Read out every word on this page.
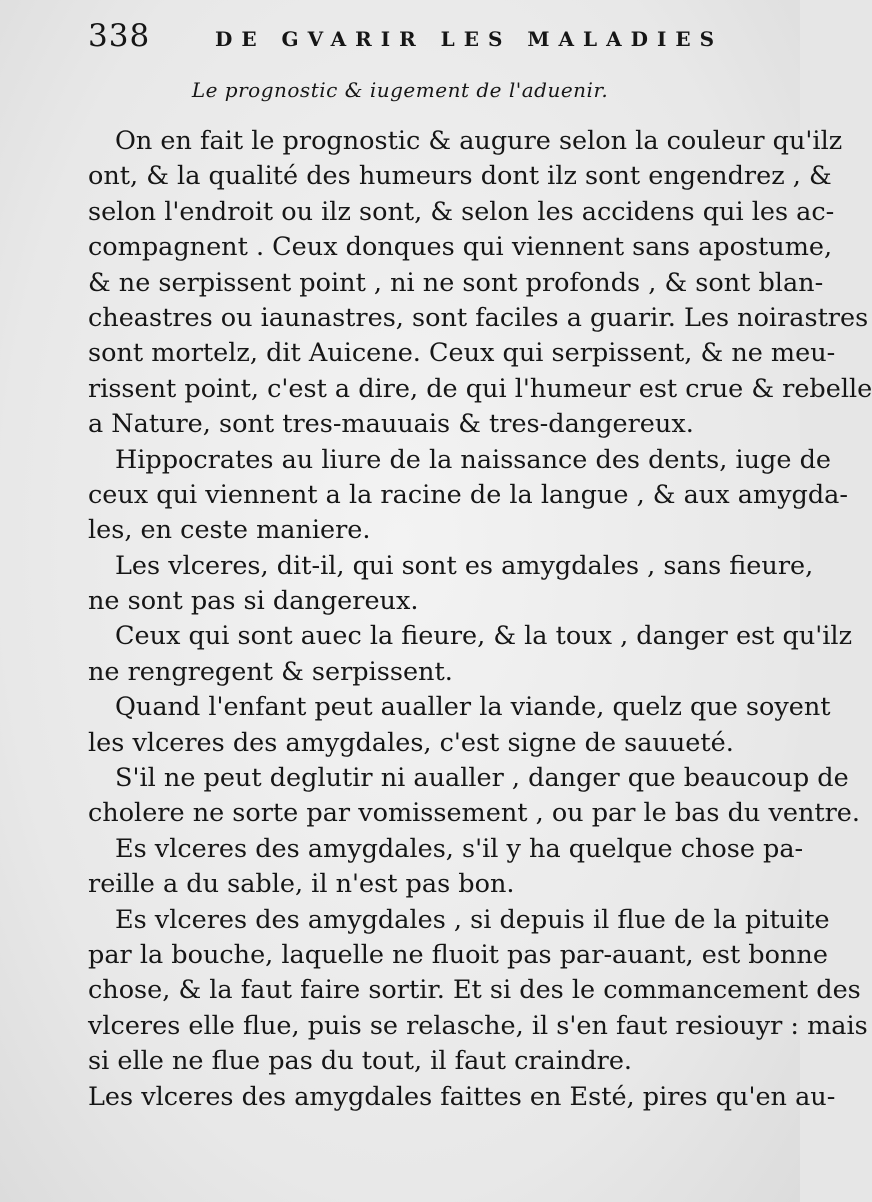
338	DE GVARIR LES MALADIES
Le prognostic & iugement de l'aduenir.
On en fait le prognostic & augure selon la couleur qu'ilz
ont, & la qualité des humeurs dont ilz sont engendrez , &
selon l'endroit ou ilz sont, & selon les accidens qui les ac-
compagnent . Ceux donques qui viennent sans apostume,
& ne serpissent point , ni ne sont profonds , & sont blan-
cheastres ou iaunastres, sont faciles a guarir. Les noirastres
sont mortelz, dit Auicene. Ceux qui serpissent, & ne meu-
rissent point, c'est a dire, de qui l'humeur est crue & rebelle
a Nature, sont tres-mauuais & tres-dangereux.
Hippocrates au liure de la naissance des dents, iuge de
ceux qui viennent a la racine de la langue , & aux amygda-
les, en ceste maniere.
Les vlceres, dit-il, qui sont es amygdales , sans fieure,
ne sont pas si dangereux.
Ceux qui sont auec la fieure, & la toux , danger est qu'ilz
ne rengregent & serpissent.
Quand l'enfant peut aualler la viande, quelz que soyent
les vlceres des amygdales, c'est signe de sauueté.
S'il ne peut deglutir ni aualler , danger que beaucoup de
cholere ne sorte par vomissement , ou par le bas du ventre.
Es vlceres des amygdales, s'il y ha quelque chose pa-
reille a du sable, il n'est pas bon.
Es vlceres des amygdales , si depuis il flue de la pituite
par la bouche, laquelle ne fluoit pas par-auant, est bonne
chose, & la faut faire sortir. Et si des le commancement des
vlceres elle flue, puis se relasche, il s'en faut resiouyr : mais
si elle ne flue pas du tout, il faut craindre.
Les vlceres des amygdales faittes en Esté, pires qu'en au-
